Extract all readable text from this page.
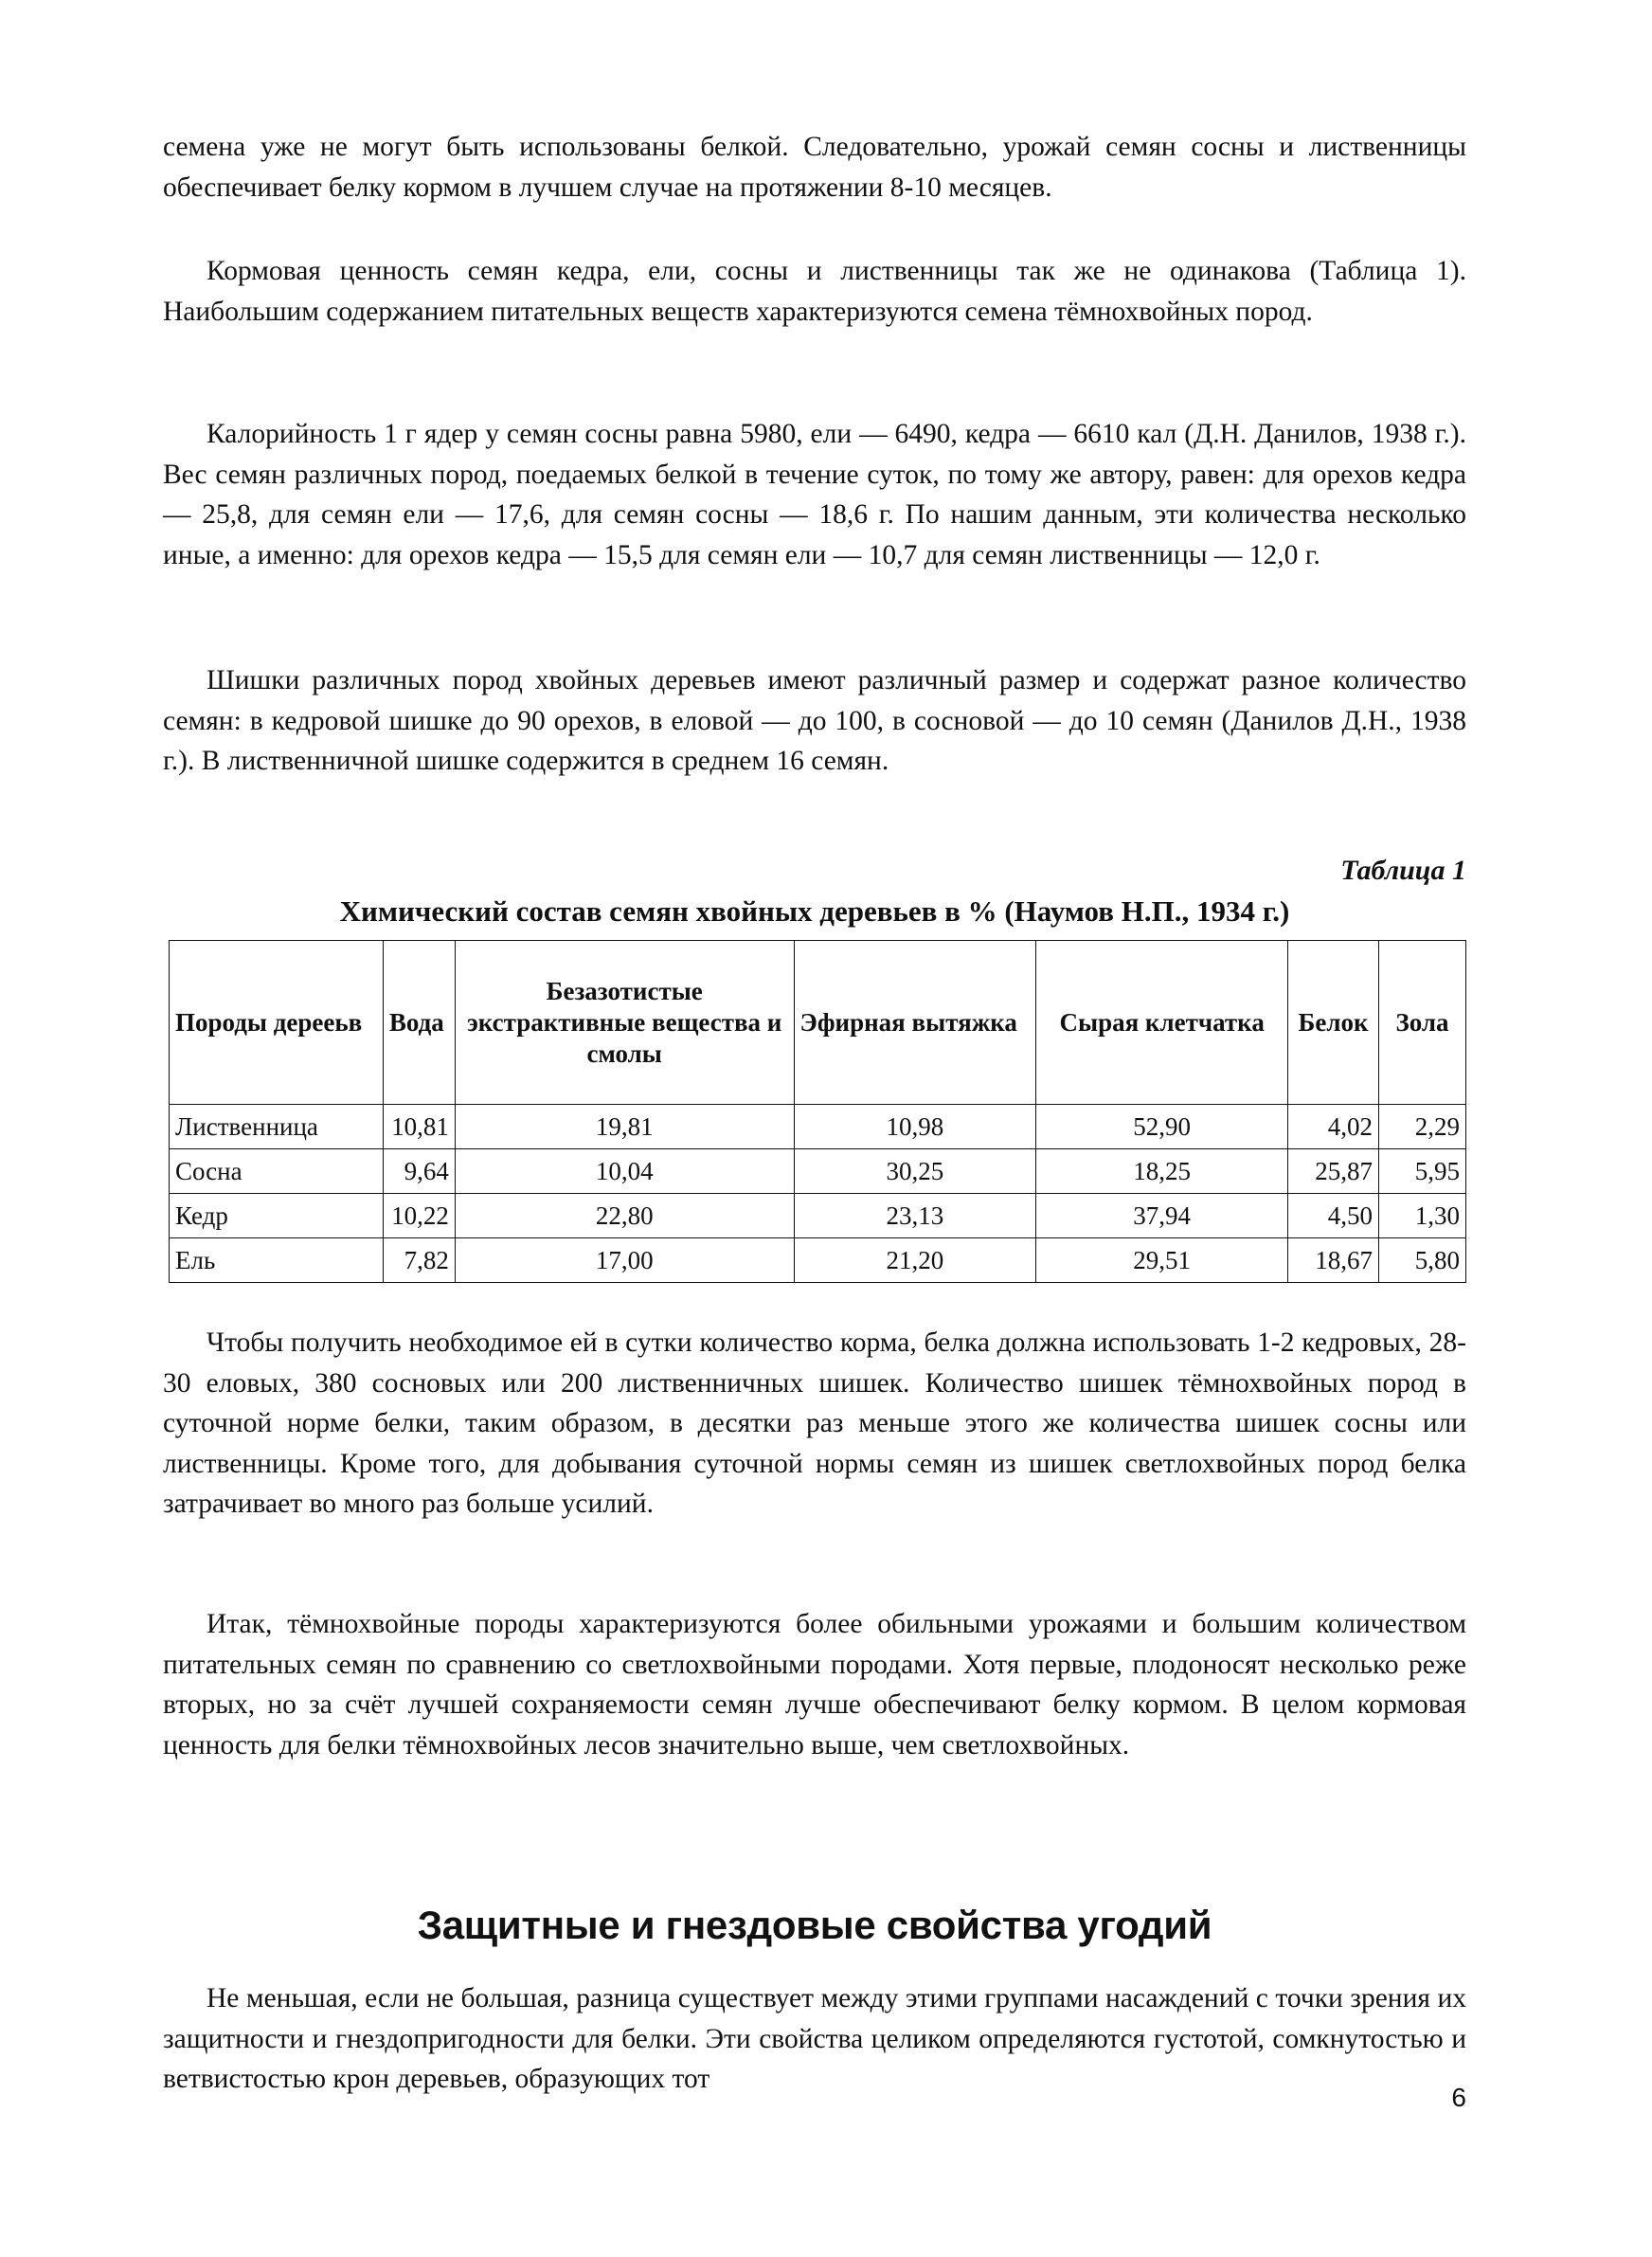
семена уже не могут быть использованы белкой. Следовательно, урожай семян сосны и лиственницы обеспечивает белку кормом в лучшем случае на протяжении 8-10 месяцев.

Кормовая ценность семян кедра, ели, сосны и лиственницы так же не одинакова (Таблица 1). Наибольшим содержанием питательных веществ характеризуются семена тёмнохвойных пород.

Калорийность 1 г ядер у семян сосны равна 5980, ели — 6490, кедра — 6610 кал (Д.Н. Данилов, 1938 г.). Вес семян различных пород, поедаемых белкой в течение суток, по тому же автору, равен: для орехов кедра — 25,8, для семян ели — 17,6, для семян сосны — 18,6 г. По нашим данным, эти количества несколько иные, а именно: для орехов кедра — 15,5 для семян ели — 10,7 для семян лиственницы — 12,0 г.

Шишки различных пород хвойных деревьев имеют различный размер и содержат разное количество семян: в кедровой шишке до 90 орехов, в еловой — до 100, в сосновой — до 10 семян (Данилов Д.Н., 1938 г.). В лиственничной шишке содержится в среднем 16 семян.

Таблица 1
Химический состав семян хвойных деревьев в % (Наумов Н.П., 1934 г.)
Породы дерееьв	Вода	Безазотистые экстрактивные вещества и смолы	Эфирная вытяжка	Сырая клетчатка	Белок	Зола
Лиственница	10,81	19,81	10,98	52,90	4,02	2,29
Сосна	9,64	10,04	30,25	18,25	25,87	5,95
Кедр	10,22	22,80	23,13	37,94	4,50	1,30
Ель	7,82	17,00	21,20	29,51	18,67	5,80

Чтобы получить необходимое ей в сутки количество корма, белка должна использовать 1-2 кедровых, 28-30 еловых, 380 сосновых или 200 лиственничных шишек. Количество шишек тёмнохвойных пород в суточной норме белки, таким образом, в десятки раз меньше этого же количества шишек сосны или лиственницы. Кроме того, для добывания суточной нормы семян из шишек светлохвойных пород белка затрачивает во много раз больше усилий.

Итак, тёмнохвойные породы характеризуются более обильными урожаями и большим количеством питательных семян по сравнению со светлохвойными породами. Хотя первые, плодоносят несколько реже вторых, но за счёт лучшей сохраняемости семян лучше обеспечивают белку кормом. В целом кормовая ценность для белки тёмнохвойных лесов значительно выше, чем светлохвойных.

Защитные и гнездовые свойства угодий

Не меньшая, если не большая, разница существует между этими группами насаждений с точки зрения их защитности и гнездопригодности для белки. Эти свойства целиком определяются густотой, сомкнутостью и ветвистостью крон деревьев, образующих тот

6
